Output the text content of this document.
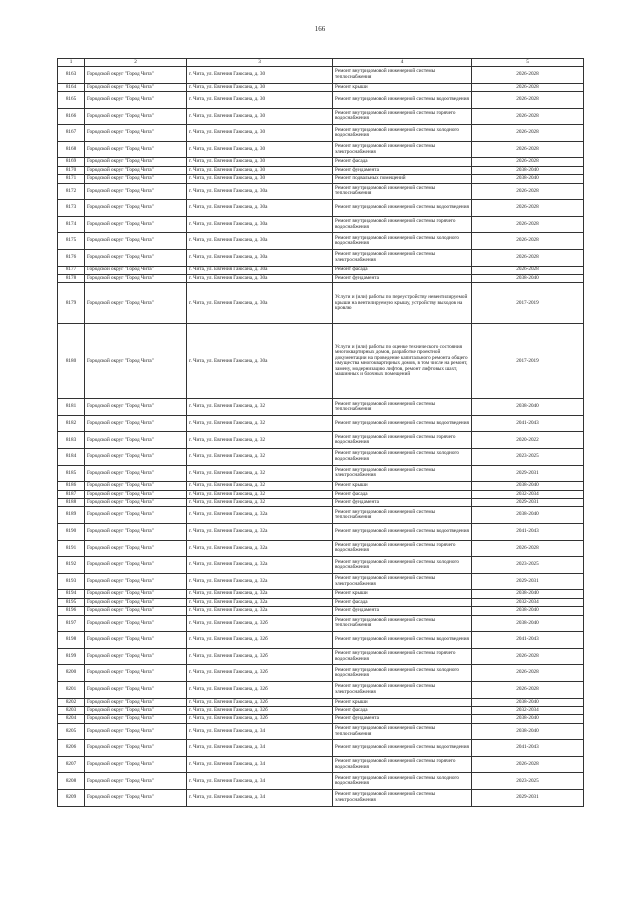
166
1	2	3	4	5
8163	Городской округ "Город Чита"	г. Чита, ул. Евгения Гаюсана, д. 30	Ремонт внутридомовой инженерной системы теплоснабжения	2026-2028
8164	Городской округ "Город Чита"	г. Чита, ул. Евгения Гаюсана, д. 30	Ремонт крыши	2026-2028
8165	Городской округ "Город Чита"	г. Чита, ул. Евгения Гаюсана, д. 30	Ремонт внутридомовой инженерной системы водоотведения	2026-2028
8166	Городской округ "Город Чита"	г. Чита, ул. Евгения Гаюсана, д. 30	Ремонт внутридомовой инженерной системы горячего водоснабжения	2026-2028
8167	Городской округ "Город Чита"	г. Чита, ул. Евгения Гаюсана, д. 30	Ремонт внутридомовой инженерной системы холодного водоснабжения	2026-2028
8168	Городской округ "Город Чита"	г. Чита, ул. Евгения Гаюсана, д. 30	Ремонт внутридомовой инженерной системы электроснабжения	2026-2028
8169	Городской округ "Город Чита"	г. Чита, ул. Евгения Гаюсана, д. 30	Ремонт фасада	2026-2028
8170	Городской округ "Город Чита"	г. Чита, ул. Евгения Гаюсана, д. 30	Ремонт фундамента	2038-2040
8171	Городской округ "Город Чита"	г. Чита, ул. Евгения Гаюсана, д. 30	Ремонт подвальных помещений	2038-2040
8172	Городской округ "Город Чита"	г. Чита, ул. Евгения Гаюсана, д. 30а	Ремонт внутридомовой инженерной системы теплоснабжения	2026-2028
8173	Городской округ "Город Чита"	г. Чита, ул. Евгения Гаюсана, д. 30а	Ремонт внутридомовой инженерной системы водоотведения	2026-2028
8174	Городской округ "Город Чита"	г. Чита, ул. Евгения Гаюсана, д. 30а	Ремонт внутридомовой инженерной системы горячего водоснабжения	2026-2028
8175	Городской округ "Город Чита"	г. Чита, ул. Евгения Гаюсана, д. 30а	Ремонт внутридомовой инженерной системы холодного водоснабжения	2026-2028
8176	Городской округ "Город Чита"	г. Чита, ул. Евгения Гаюсана, д. 30а	Ремонт внутридомовой инженерной системы электроснабжения	2026-2028
8177	Городской округ "Город Чита"	г. Чита, ул. Евгения Гаюсана, д. 30а	Ремонт фасада	2026-2028
8178	Городской округ "Город Чита"	г. Чита, ул. Евгения Гаюсана, д. 30а	Ремонт фундамента	2038-2040
8179	Городской округ "Город Чита"	г. Чита, ул. Евгения Гаюсана, д. 30а	Услуги и (или) работы по переустройству невентилируемой крыши на вентилируемую крышу, устройству выходов на кровлю	2017-2019
8180	Городской округ "Город Чита"	г. Чита, ул. Евгения Гаюсана, д. 30а	Услуги и (или) работы по оценке технического состояния многоквартирных домов, разработке проектной документации на проведение капитального ремонта общего имущества многоквартирных домов, в том числе на ремонт, замену, модернизацию лифтов, ремонт лифтовых шахт, машинных и блочных помещений	2017-2019
8181	Городской округ "Город Чита"	г. Чита, ул. Евгения Гаюсана, д. 32	Ремонт внутридомовой инженерной системы теплоснабжения	2038-2040
8182	Городской округ "Город Чита"	г. Чита, ул. Евгения Гаюсана, д. 32	Ремонт внутридомовой инженерной системы водоотведения	2041-2043
8183	Городской округ "Город Чита"	г. Чита, ул. Евгения Гаюсана, д. 32	Ремонт внутридомовой инженерной системы горячего водоснабжения	2020-2022
8184	Городской округ "Город Чита"	г. Чита, ул. Евгения Гаюсана, д. 32	Ремонт внутридомовой инженерной системы холодного водоснабжения	2023-2025
8185	Городской округ "Город Чита"	г. Чита, ул. Евгения Гаюсана, д. 32	Ремонт внутридомовой инженерной системы электроснабжения	2029-2031
8186	Городской округ "Город Чита"	г. Чита, ул. Евгения Гаюсана, д. 32	Ремонт крыши	2038-2040
8187	Городской округ "Город Чита"	г. Чита, ул. Евгения Гаюсана, д. 32	Ремонт фасада	2032-2034
8188	Городской округ "Город Чита"	г. Чита, ул. Евгения Гаюсана, д. 32	Ремонт фундамента	2029-2031
8189	Городской округ "Город Чита"	г. Чита, ул. Евгения Гаюсана, д. 32а	Ремонт внутридомовой инженерной системы теплоснабжения	2038-2040
8190	Городской округ "Город Чита"	г. Чита, ул. Евгения Гаюсана, д. 32а	Ремонт внутридомовой инженерной системы водоотведения	2041-2043
8191	Городской округ "Город Чита"	г. Чита, ул. Евгения Гаюсана, д. 32а	Ремонт внутридомовой инженерной системы горячего водоснабжения	2026-2028
8192	Городской округ "Город Чита"	г. Чита, ул. Евгения Гаюсана, д. 32а	Ремонт внутридомовой инженерной системы холодного водоснабжения	2023-2025
8193	Городской округ "Город Чита"	г. Чита, ул. Евгения Гаюсана, д. 32а	Ремонт внутридомовой инженерной системы электроснабжения	2029-2031
8194	Городской округ "Город Чита"	г. Чита, ул. Евгения Гаюсана, д. 32а	Ремонт крыши	2038-2040
8195	Городской округ "Город Чита"	г. Чита, ул. Евгения Гаюсана, д. 32а	Ремонт фасада	2032-2034
8196	Городской округ "Город Чита"	г. Чита, ул. Евгения Гаюсана, д. 32а	Ремонт фундамента	2038-2040
8197	Городской округ "Город Чита"	г. Чита, ул. Евгения Гаюсана, д. 32б	Ремонт внутридомовой инженерной системы теплоснабжения	2038-2040
8198	Городской округ "Город Чита"	г. Чита, ул. Евгения Гаюсана, д. 32б	Ремонт внутридомовой инженерной системы водоотведения	2041-2043
8199	Городской округ "Город Чита"	г. Чита, ул. Евгения Гаюсана, д. 32б	Ремонт внутридомовой инженерной системы горячего водоснабжения	2026-2028
8200	Городской округ "Город Чита"	г. Чита, ул. Евгения Гаюсана, д. 32б	Ремонт внутридомовой инженерной системы холодного водоснабжения	2026-2028
8201	Городской округ "Город Чита"	г. Чита, ул. Евгения Гаюсана, д. 32б	Ремонт внутридомовой инженерной системы электроснабжения	2026-2028
8202	Городской округ "Город Чита"	г. Чита, ул. Евгения Гаюсана, д. 32б	Ремонт крыши	2038-2040
8203	Городской округ "Город Чита"	г. Чита, ул. Евгения Гаюсана, д. 32б	Ремонт фасада	2032-2034
8204	Городской округ "Город Чита"	г. Чита, ул. Евгения Гаюсана, д. 32б	Ремонт фундамента	2038-2040
8205	Городской округ "Город Чита"	г. Чита, ул. Евгения Гаюсана, д. 34	Ремонт внутридомовой инженерной системы теплоснабжения	2038-2040
8206	Городской округ "Город Чита"	г. Чита, ул. Евгения Гаюсана, д. 34	Ремонт внутридомовой инженерной системы водоотведения	2041-2043
8207	Городской округ "Город Чита"	г. Чита, ул. Евгения Гаюсана, д. 34	Ремонт внутридомовой инженерной системы горячего водоснабжения	2026-2028
8208	Городской округ "Город Чита"	г. Чита, ул. Евгения Гаюсана, д. 34	Ремонт внутридомовой инженерной системы холодного водоснабжения	2023-2025
8209	Городской округ "Город Чита"	г. Чита, ул. Евгения Гаюсана, д. 34	Ремонт внутридомовой инженерной системы электроснабжения	2029-2031
